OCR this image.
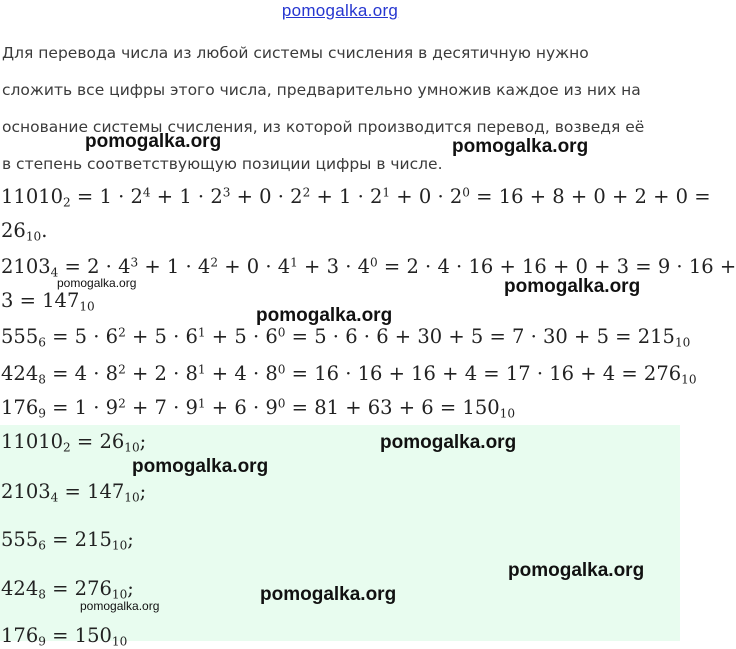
pomogalka.org
Для перевода числа из любой системы счисления в десятичную нужно
сложить все цифры этого числа, предварительно умножив каждое из них на
основание системы счисления, из которой производится перевод, возведя её
в степень соответствующую позиции цифры в числе.
$11010_2 = 1 \cdot 2^4 + 1 \cdot 2^3 + 0 \cdot 2^2 + 1 \cdot 2^1 + 0 \cdot 2^0 = 16 + 8 + 0 + 2 + 0$ =
$26_{10}$.
$2103_4 = 2 \cdot 4^3 + 1 \cdot 4^2 + 0 \cdot 4^1 + 3 \cdot 4^0 = 2 \cdot 4 \cdot 16 + 16 + 0 + 3 = 9 \cdot 16$ +
$3 = 147_{10}$
$555_6 = 5 \cdot 6^2 + 5 \cdot 6^1 + 5 \cdot 6^0 = 5 \cdot 6 \cdot 6 + 30 + 5 = 7 \cdot 30 + 5 = 215_{10}$
$424_8 = 4 \cdot 8^2 + 2 \cdot 8^1 + 4 \cdot 8^0 = 16 \cdot 16 + 16 + 4 = 17 \cdot 16 + 4 = 276_{10}$
$176_9 = 1 \cdot 9^2 + 7 \cdot 9^1 + 6 \cdot 9^0 = 81 + 63 + 6 = 150_{10}$
$11010_2 = 26_{10}$;
$2103_4 = 147_{10}$;
$555_6 = 215_{10}$;
$424_8 = 276_{10}$;
$176_9 = 150_{10}$
pomogalka.org	pomogalka.org
pomogalka.org	pomogalka.org
pomogalka.org
pomogalka.org
pomogalka.org
pomogalka.org
pomogalka.org
pomogalka.org
